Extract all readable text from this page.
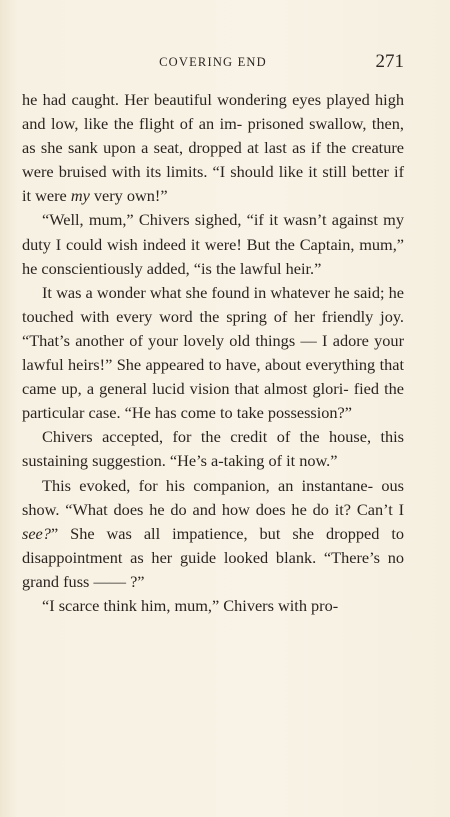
COVERING END	271

he had caught. Her beautiful wondering eyes played high and low, like the flight of an im- prisoned swallow, then, as she sank upon a seat, dropped at last as if the creature were bruised with its limits. “I should like it still better if it were my very own!”

“Well, mum,” Chivers sighed, “if it wasn’t against my duty I could wish indeed it were! But the Captain, mum,” he conscientiously added, “is the lawful heir.”

It was a wonder what she found in whatever he said; he touched with every word the spring of her friendly joy. “That’s another of your lovely old things — I adore your lawful heirs!” She appeared to have, about everything that came up, a general lucid vision that almost glori- fied the particular case. “He has come to take possession?”

Chivers accepted, for the credit of the house, this sustaining suggestion. “He’s a-taking of it now.”

This evoked, for his companion, an instantane- ous show. “What does he do and how does he do it? Can’t I see?” She was all impatience, but she dropped to disappointment as her guide looked blank. “There’s no grand fuss —— ?”

“I scarce think him, mum,” Chivers with pro-
